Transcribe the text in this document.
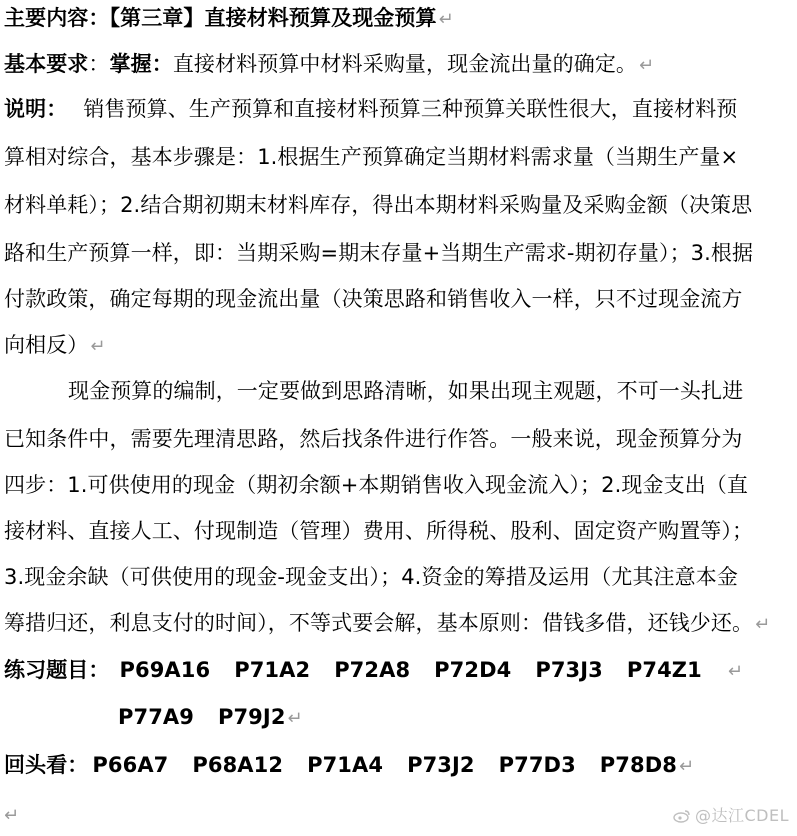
主要内容：【第三章】直接材料预算及现金预算 ↵
基本要求：掌握：直接材料预算中材料采购量，现金流出量的确定。 ↵
说明： 销售预算、生产预算和直接材料预算三种预算关联性很大，直接材料预
算相对综合，基本步骤是：1.根据生产预算确定当期材料需求量（当期生产量×
材料单耗）；2.结合期初期末材料库存，得出本期材料采购量及采购金额（决策思
路和生产预算一样，即：当期采购=期末存量+当期生产需求-期初存量）；3.根据
付款政策，确定每期的现金流出量（决策思路和销售收入一样，只不过现金流方
向相反） ↵
现金预算的编制，一定要做到思路清晰，如果出现主观题，不可一头扎进
已知条件中，需要先理清思路，然后找条件进行作答。一般来说，现金预算分为
四步：1.可供使用的现金（期初余额+本期销售收入现金流入）；2.现金支出（直
接材料、直接人工、付现制造（管理）费用、所得税、股利、固定资产购置等）；
3.现金余缺（可供使用的现金-现金支出）；4.资金的筹措及运用（尤其注意本金
筹措归还，利息支付的时间），不等式要会解，基本原则：借钱多借，还钱少还。 ↵
练习题目： P69A16 P71A2 P72A8 P72D4 P73J3 P74Z1 ↵
P77A9 P79J2 ↵
回头看： P66A7 P68A12 P71A4 P73J2 P77D3 P78D8 ↵
↵	@达江CDEL
